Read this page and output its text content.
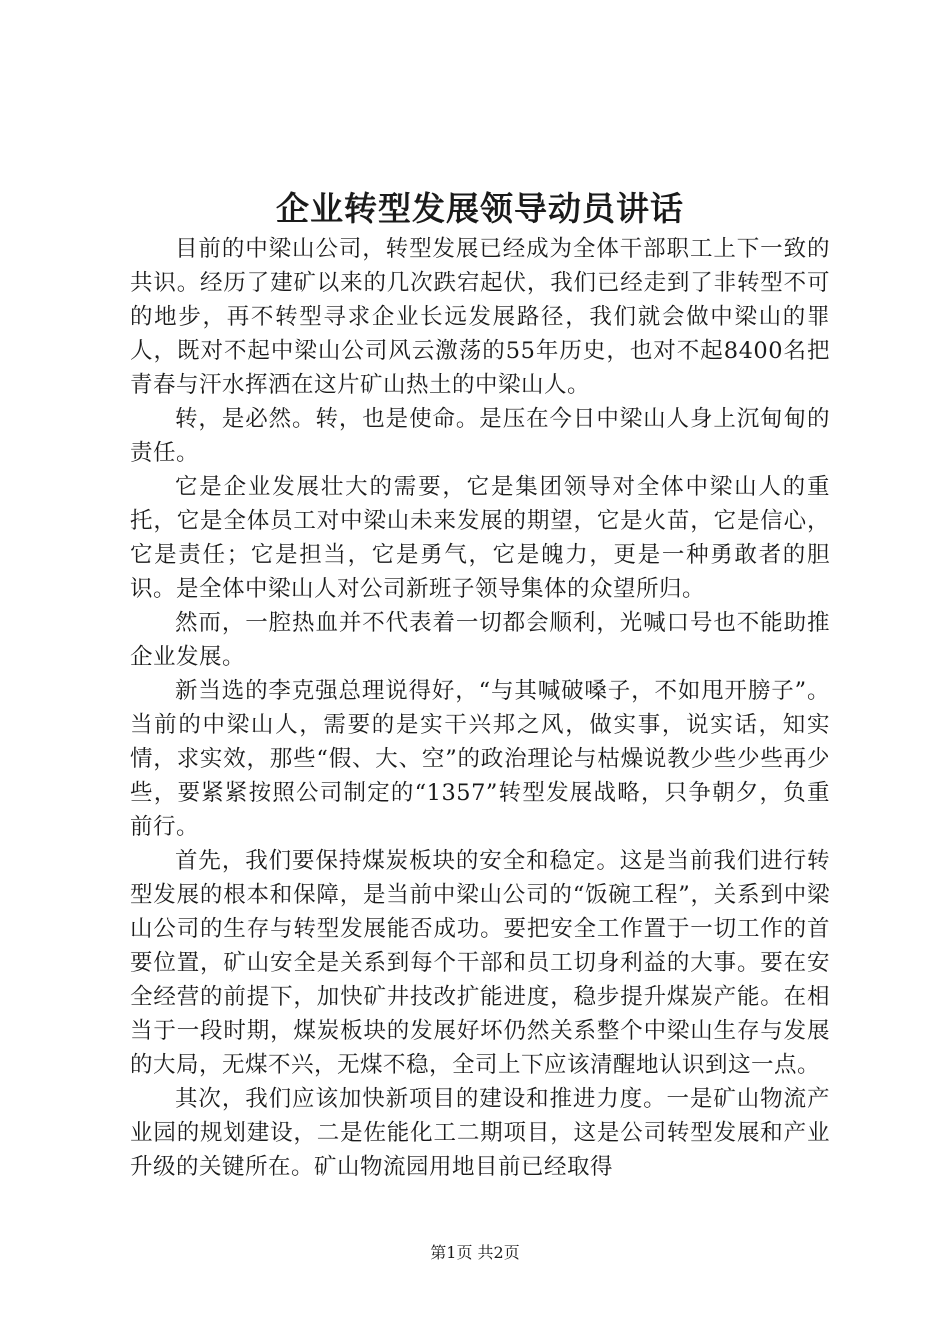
企业转型发展领导动员讲话

目前的中梁山公司，转型发展已经成为全体干部职工上下一致的共识。经历了建矿以来的几次跌宕起伏，我们已经走到了非转型不可的地步，再不转型寻求企业长远发展路径，我们就会做中梁山的罪人，既对不起中梁山公司风云激荡的55年历史，也对不起8400名把青春与汗水挥洒在这片矿山热土的中梁山人。

转，是必然。转，也是使命。是压在今日中梁山人身上沉甸甸的责任。

它是企业发展壮大的需要，它是集团领导对全体中梁山人的重托，它是全体员工对中梁山未来发展的期望，它是火苗，它是信心，它是责任；它是担当，它是勇气，它是魄力，更是一种勇敢者的胆识。是全体中梁山人对公司新班子领导集体的众望所归。

然而，一腔热血并不代表着一切都会顺利，光喊口号也不能助推企业发展。

新当选的李克强总理说得好，“与其喊破嗓子，不如甩开膀子”。当前的中梁山人，需要的是实干兴邦之风，做实事，说实话，知实情，求实效，那些“假、大、空”的政治理论与枯燥说教少些少些再少些，要紧紧按照公司制定的“1357”转型发展战略，只争朝夕，负重前行。

首先，我们要保持煤炭板块的安全和稳定。这是当前我们进行转型发展的根本和保障，是当前中梁山公司的“饭碗工程”，关系到中梁山公司的生存与转型发展能否成功。要把安全工作置于一切工作的首要位置，矿山安全是关系到每个干部和员工切身利益的大事。要在安全经营的前提下，加快矿井技改扩能进度，稳步提升煤炭产能。在相当于一段时期，煤炭板块的发展好坏仍然关系整个中梁山生存与发展的大局，无煤不兴，无煤不稳，全司上下应该清醒地认识到这一点。

其次，我们应该加快新项目的建设和推进力度。一是矿山物流产业园的规划建设，二是佐能化工二期项目，这是公司转型发展和产业升级的关键所在。矿山物流园用地目前已经取得

第1页 共2页
